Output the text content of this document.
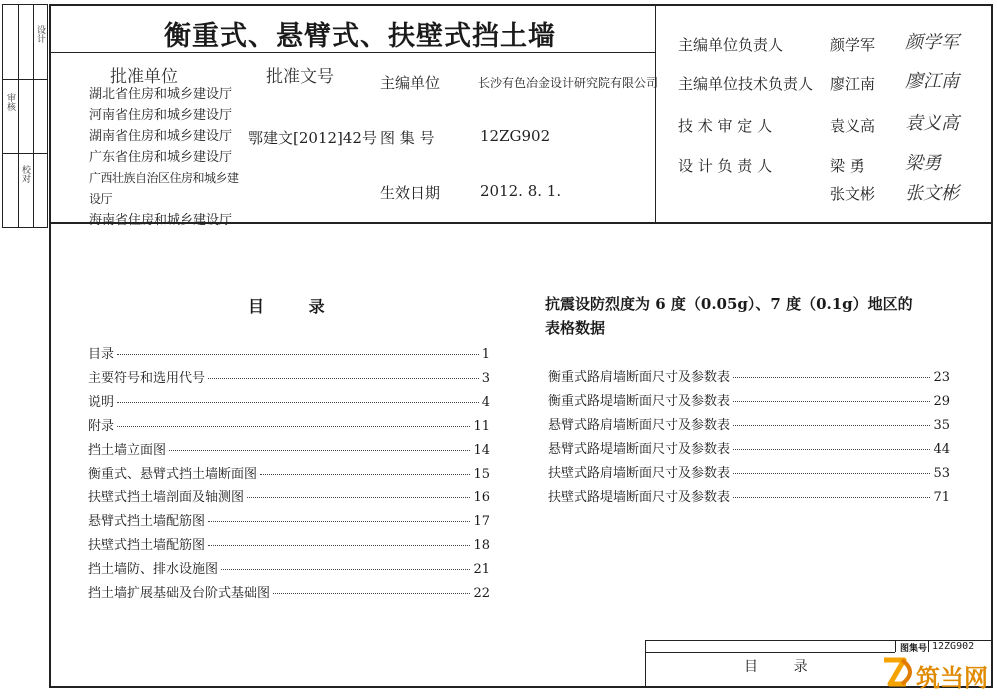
审核
校对
设计	衡重式、悬臂式、扶壁式挡土墙
批准单位	批准文号
湖北省住房和城乡建设厅
河南省住房和城乡建设厅
湖南省住房和城乡建设厅
广东省住房和城乡建设厅
广西壮族自治区住房和城乡建设厅
海南省住房和城乡建设厅
鄂建文[2012]42号
主编单位	长沙有色冶金设计研究院有限公司
图 集 号	12ZG902
生效日期	2012. 8. 1.
主编单位负责人	颜学军 颜学军
主编单位技术负责人 廖江南 廖江南
技 术 审 定 人	袁义高 袁义高
设 计 负 责 人	梁 勇 梁勇
张文彬 张文彬
目        录
目录	1
主要符号和选用代号	3
说明	4
附录	11
挡土墙立面图	14
衡重式、悬臂式挡土墙断面图	15
扶壁式挡土墙剖面及轴测图	16
悬臂式挡土墙配筋图	17
扶壁式挡土墙配筋图	18
挡土墙防、排水设施图	21
挡土墙扩展基础及台阶式基础图	22
抗震设防烈度为 6 度（0.05g）、7 度（0.1g）地区的
表格数据
衡重式路肩墙断面尺寸及参数表	23
衡重式路堤墙断面尺寸及参数表	29
悬臂式路肩墙断面尺寸及参数表	35
悬臂式路堤墙断面尺寸及参数表	44
扶壁式路肩墙断面尺寸及参数表	53
扶壁式路堤墙断面尺寸及参数表	71
图集号 12ZG902
目        录	筑当网
